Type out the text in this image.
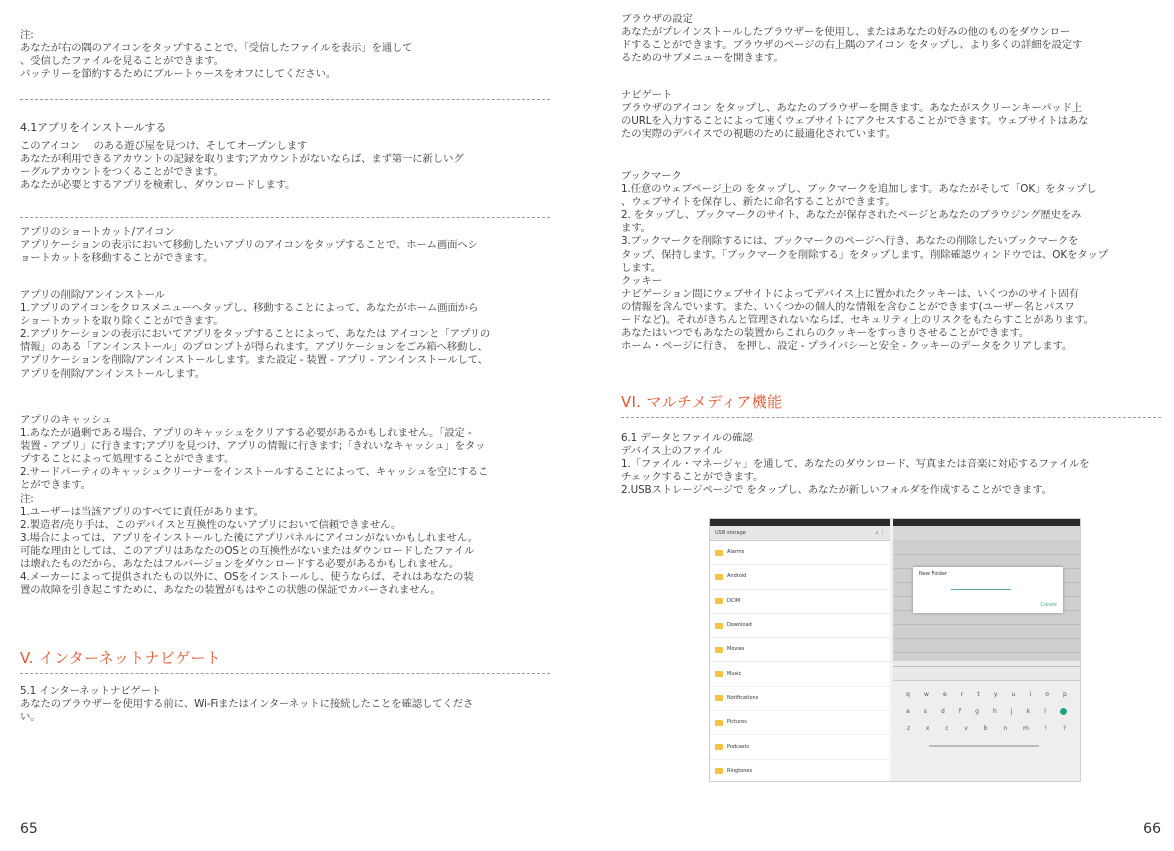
注:

あなたが右の隅のアイコンをタップすることで、「受信したファイルを表示」を通して

、受信したファイルを見ることができます。

バッテリーを節約するためにブルートゥースをオフにしてください。

4.1アプリをインストールする

このアイコン　 のある遊び屋を見つけ、そしてオープンします

あなたが利用できるアカウントの記録を取ります;アカウントがないならば、まず第一に新しいグ

ーグルアカウントをつくることができます。

あなたが必要とするアプリを検索し、ダウンロードします。

アプリのショートカット/アイコン

アプリケーションの表示において移動したいアプリのアイコンをタップすることで、ホーム画面へシ

ョートカットを移動することができます。

アプリの削除/アンインストール

1.アプリのアイコンをクロスメニューへタップし、移動することによって、あなたがホーム画面から

ショートカットを取り除くことができます。

2.アプリケーションの表示においてアプリをタップすることによって、あなたは アイコンと「アプリの

情報」のある「アンインストール」のプロンプトが得られます。アプリケーションをごみ箱へ移動し、

アプリケーションを削除/アンインストールします。また設定 - 装置 - アプリ - アンインストールして、

アプリを削除/アンインストールします。

アプリのキャッシュ

1.あなたが過剰である場合、アプリのキャッシュをクリアする必要があるかもしれません。「設定 -

装置 - アプリ」に行きます;アプリを見つけ、アプリの情報に行きます;「きれいなキャッシュ」をタッ

プすることによって処理することができます。

2.サードパーティのキャッシュクリーナーをインストールすることによって、キャッシュを空にするこ

とができます。

注:

1.ユーザーは当該アプリのすべてに責任があります。

2.製造者/売り手は、このデバイスと互換性のないアプリにおいて信頼できません。

3.場合によっては、アプリをインストールした後にアプリパネルにアイコンがないかもしれません。

可能な理由としては、このアプリはあなたのOSとの互換性がないまたはダウンロードしたファイル

は壊れたものだから、あなたはフルバージョンをダウンロードする必要があるかもしれません。

4.メーカーによって提供されたもの以外に、OSをインストールし、使うならば、それはあなたの装

置の故障を引き起こすために、あなたの装置がもはやこの状態の保証でカバーされません。

V. インターネットナビゲート

5.1 インターネットナビゲート

あなたのブラウザーを使用する前に、Wi-Fiまたはインターネットに接続したことを確認してくださ

い。

65

ブラウザの設定

あなたがプレインストールしたブラウザーを使用し、またはあなたの好みの他のものをダウンロー

ドすることができます。ブラウザのページの右上隅のアイコン をタップし、より多くの詳細を設定す

るためのサブメニューを開きます。

ナビゲート

ブラウザのアイコン をタップし、あなたのブラウザーを開きます。あなたがスクリーンキーパッド上

のURLを入力することによって速くウェブサイトにアクセスすることができます。ウェブサイトはあな

たの実際のデバイスでの視聴のために最適化されています。

ブックマーク

1.任意のウェブページ上の をタップし、ブックマークを追加します。あなたがそして「OK」をタップし

、ウェブサイトを保存し、新たに命名することができます。

2. をタップし、ブックマークのサイト、あなたが保存されたページとあなたのブラウジング歴史をみ

ます。

3.ブックマークを削除するには、ブックマークのページへ行き、あなたの削除したいブックマークを

タップ、保持します。「ブックマークを削除する」をタップします。削除確認ウィンドウでは、OKをタップ

します。

クッキー

ナビゲーション間にウェブサイトによってデバイス上に置かれたクッキーは、いくつかのサイト固有

の情報を含んでいます。また、いくつかの個人的な情報を含むことができます(ユーザー名とパスワ

ードなど)。それがきちんと管理されないならば、セキュリティ上のリスクをもたらすことがあります。

あなたはいつでもあなたの装置からこれらのクッキーをすっきりさせることができます。

ホーム・ページに行き、 を押し、設定 - プライバシーと安全 - クッキーのデータをクリアします。

VI. マルチメディア機能

6.1 データとファイルの確認

デバイス上のファイル

1.「ファイル・マネージャ」を通して、あなたのダウンロード、写真または音楽に対応するファイルを

チェックすることができます。

2.USBストレージページで をタップし、あなたが新しいフォルダを作成することができます。

66
USB storage	⌕ ⋮
Alarms
Android
DCIM
Download
Movies
Music
Notifications
Pictures
Podcasts
Ringtones
New Folder
Create
q w e r t y u i o p
a s d f g h j k l
z	x	c	v	b	n	m	!	?
